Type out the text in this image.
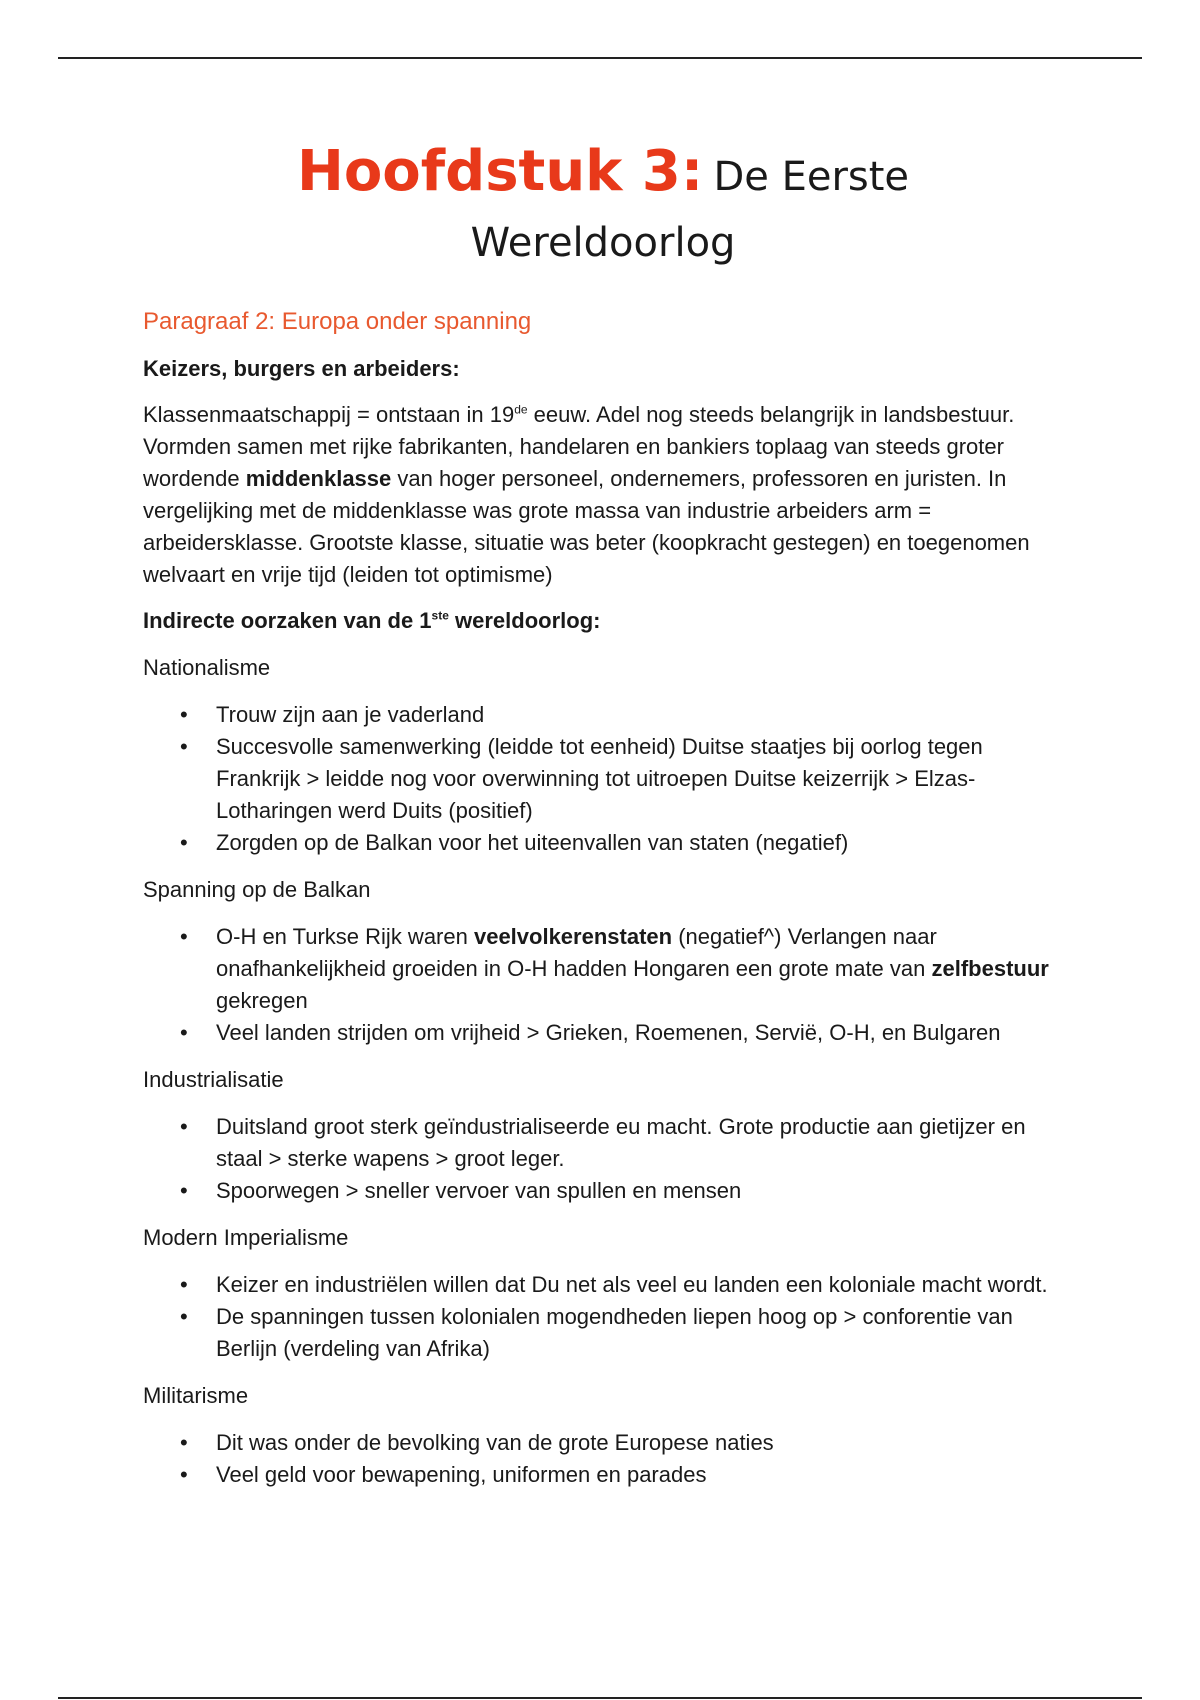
Hoofdstuk 3: De Eerste
Wereldoorlog
Paragraaf 2: Europa onder spanning
Keizers, burgers en arbeiders:

Klassenmaatschappij = ontstaan in 19de eeuw. Adel nog steeds belangrijk in landsbestuur. Vormden samen met rijke fabrikanten, handelaren en bankiers toplaag van steeds groter wordende middenklasse van hoger personeel, ondernemers, professoren en juristen. In vergelijking met de middenklasse was grote massa van industrie arbeiders arm = arbeidersklasse. Grootste klasse, situatie was beter (koopkracht gestegen) en toegenomen welvaart en vrije tijd (leiden tot optimisme)

Indirecte oorzaken van de 1ste wereldoorlog:
Nationalisme
• Trouw zijn aan je vaderland
• Succesvolle samenwerking (leidde tot eenheid) Duitse staatjes bij oorlog tegen Frankrijk > leidde nog voor overwinning tot uitroepen Duitse keizerrijk > Elzas-Lotharingen werd Duits (positief)
• Zorgden op de Balkan voor het uiteenvallen van staten (negatief)
Spanning op de Balkan
• O-H en Turkse Rijk waren veelvolkerenstaten (negatief^) Verlangen naar onafhankelijkheid groeiden in O-H hadden Hongaren een grote mate van zelfbestuur gekregen
• Veel landen strijden om vrijheid > Grieken, Roemenen, Servië, O-H, en Bulgaren
Industrialisatie
• Duitsland groot sterk geïndustrialiseerde eu macht. Grote productie aan gietijzer en staal > sterke wapens > groot leger.
• Spoorwegen > sneller vervoer van spullen en mensen
Modern Imperialisme
• Keizer en industriëlen willen dat Du net als veel eu landen een koloniale macht wordt.
• De spanningen tussen kolonialen mogendheden liepen hoog op > conforentie van Berlijn (verdeling van Afrika)
Militarisme
• Dit was onder de bevolking van de grote Europese naties
• Veel geld voor bewapening, uniformen en parades
